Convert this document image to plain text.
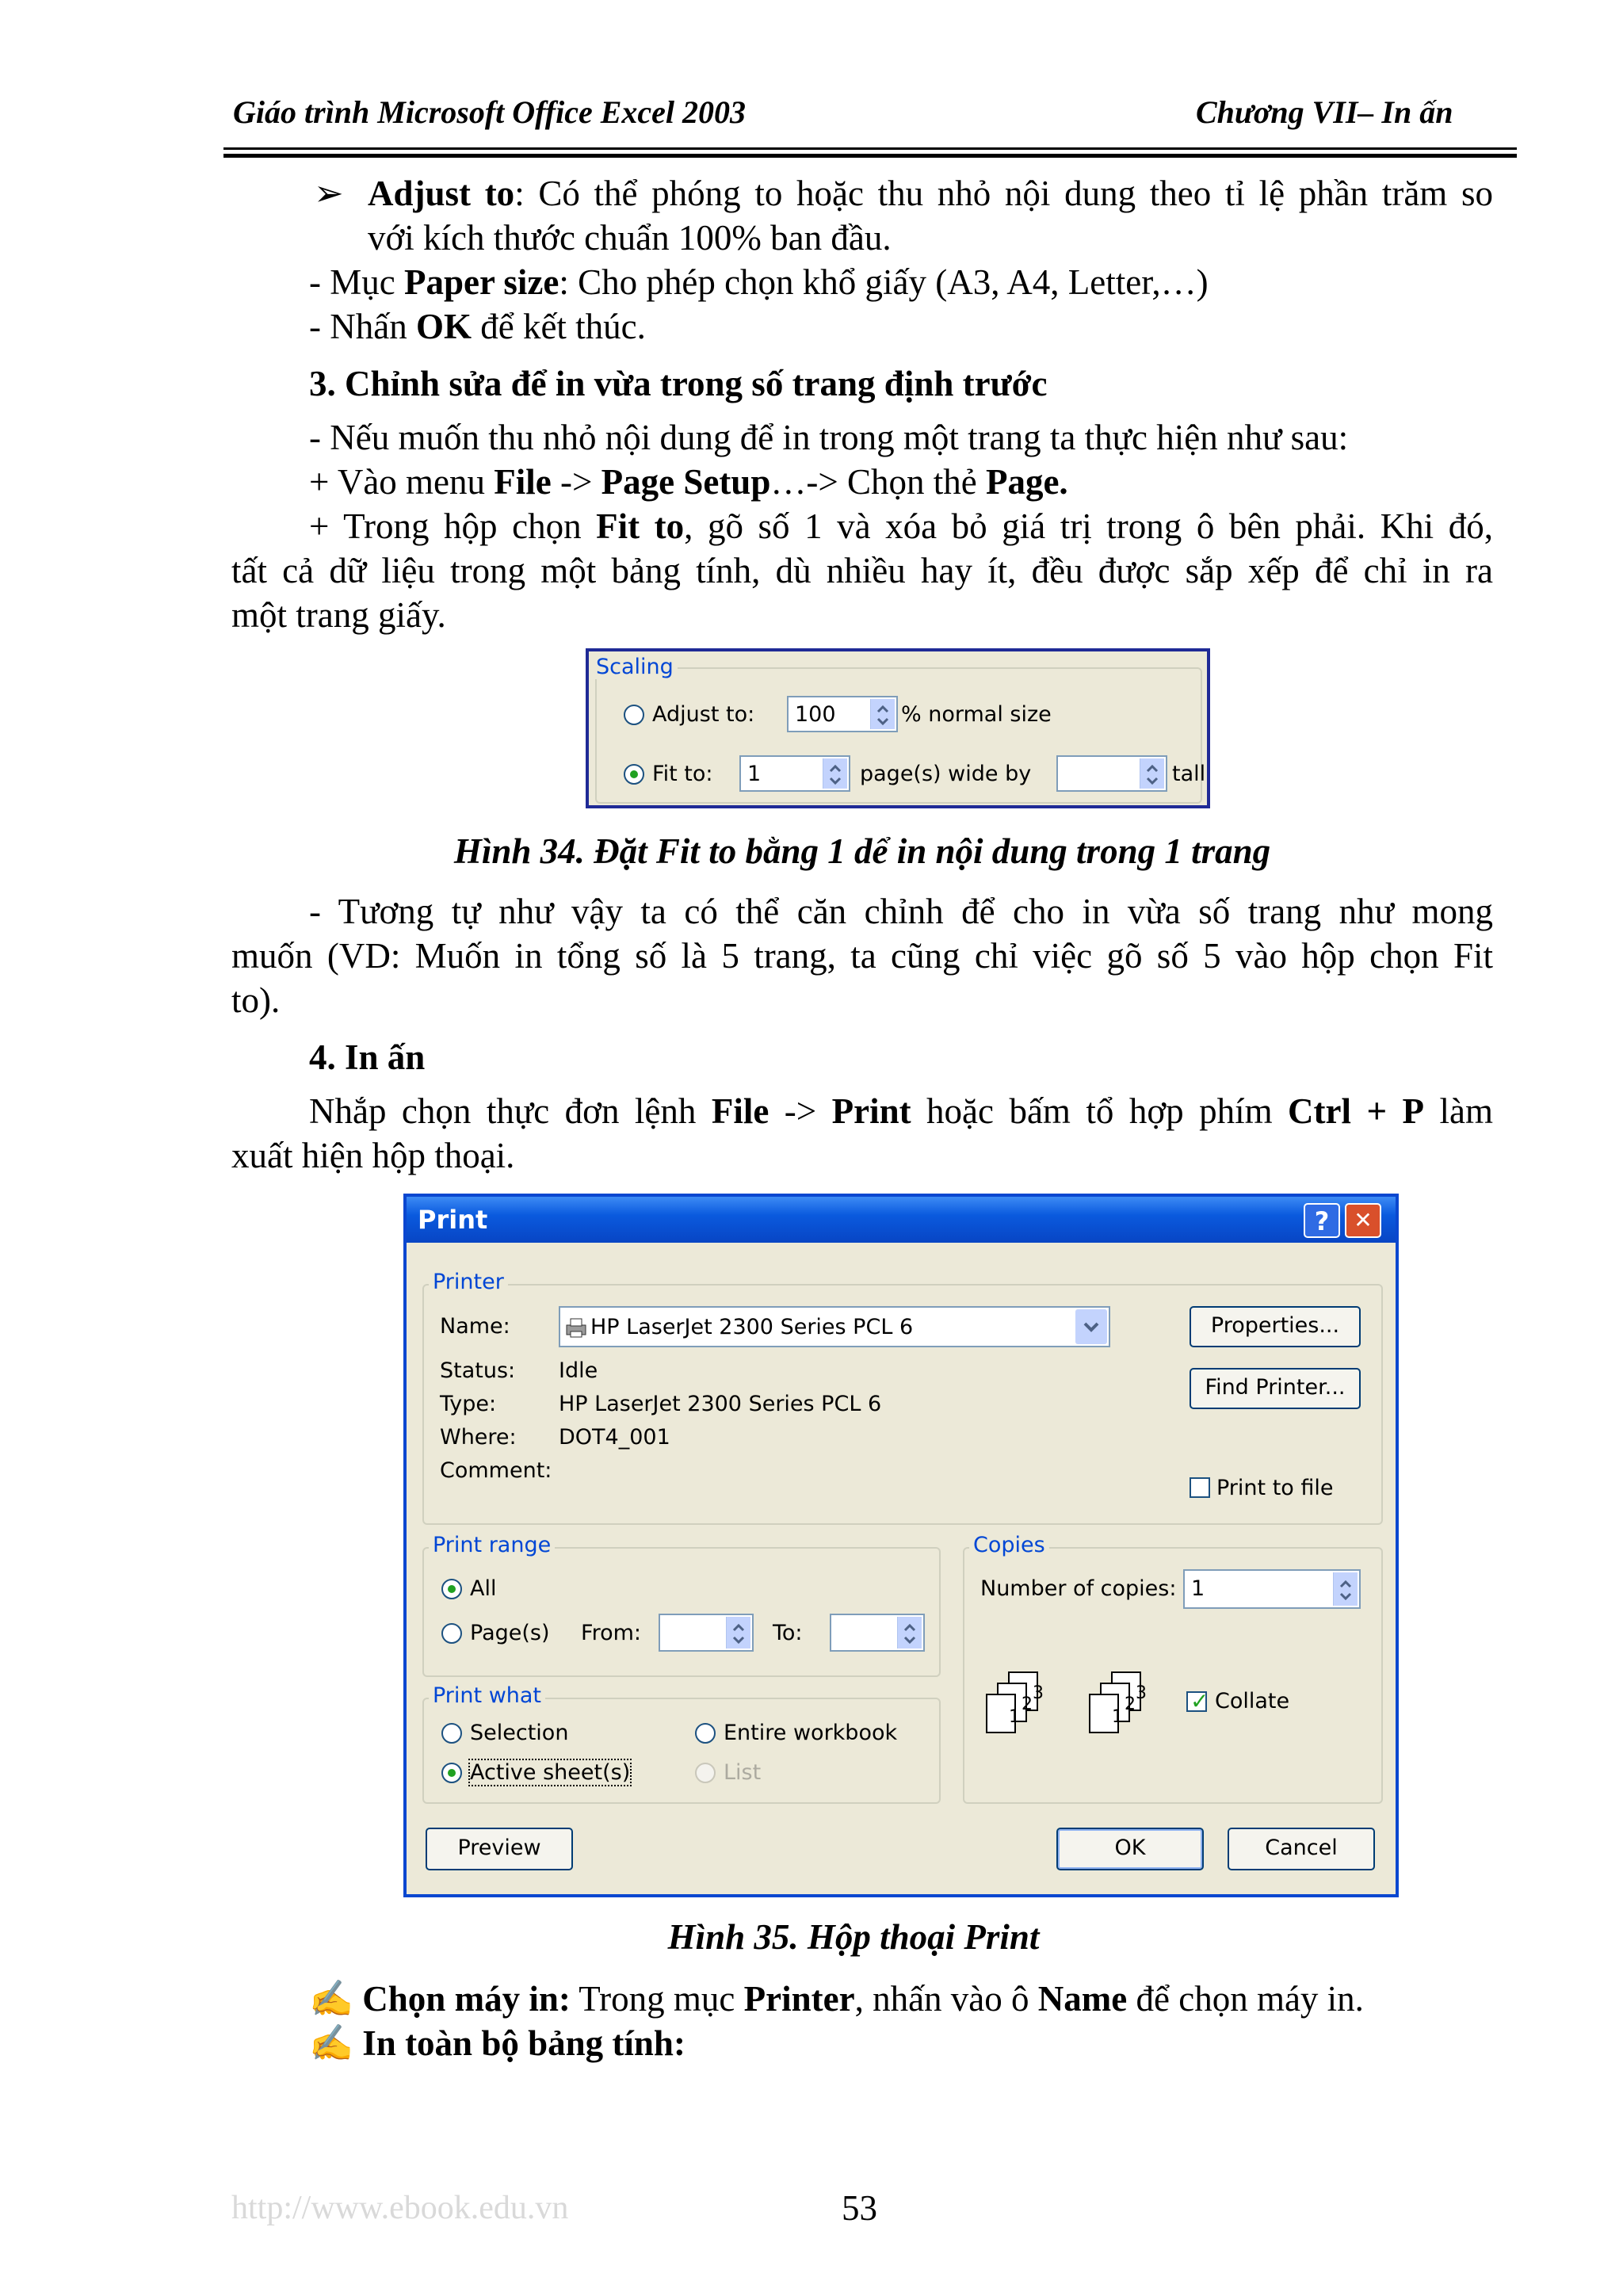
Giáo trình Microsoft Office Excel 2003	Chương VII– In ấn
➢ Adjust to: Có thể phóng to hoặc thu nhỏ nội dung theo tỉ lệ phần trăm so
với kích thước chuẩn 100% ban đầu.
- Mục Paper size: Cho phép chọn khổ giấy (A3, A4, Letter,…)
- Nhấn OK để kết thúc.
3. Chỉnh sửa để in vừa trong số trang định trước
- Nếu muốn thu nhỏ nội dung để in trong một trang ta thực hiện như sau:
+ Vào menu File -> Page Setup…-> Chọn thẻ Page.
+ Trong hộp chọn Fit to, gõ số 1 và xóa bỏ giá trị trong ô bên phải. Khi đó,
tất cả dữ liệu trong một bảng tính, dù nhiều hay ít, đều được sắp xếp để chỉ in ra
một trang giấy.
Scaling
Adjust to: 100	% normal size
Fit to: 1	page(s) wide by	tall
Hình 34. Đặt Fit to bằng 1 dể in nội dung trong 1 trang
- Tương tự như vậy ta có thể căn chỉnh để cho in vừa số trang như mong
muốn (VD: Muốn in tổng số là 5 trang, ta cũng chỉ việc gõ số 5 vào hộp chọn Fit
to).
4. In ấn
Nhắp chọn thực đơn lệnh File -> Print hoặc bấm tổ hợp phím Ctrl + P làm
xuất hiện hộp thoại.
Print	?	✕
Printer
Name:	HP LaserJet 2300 Series PCL 6
Status: Idle
Type:	HP LaserJet 2300 Series PCL 6
Where: DOT4_001
Comment:
Properties...
Find Printer...
Print to file
Print range
All
Page(s) From:	To:
Print what
Selection	Entire workbook
Active sheet(s)	List
Copies
Number of copies: 1
3
2
1
3
2
1
✓ Collate
Preview	OK	Cancel
Hình 35. Hộp thoại Print
✍ Chọn máy in: Trong mục Printer, nhấn vào ô Name để chọn máy in.
✍ In toàn bộ bảng tính:
http://www.ebook.edu.vn	53
